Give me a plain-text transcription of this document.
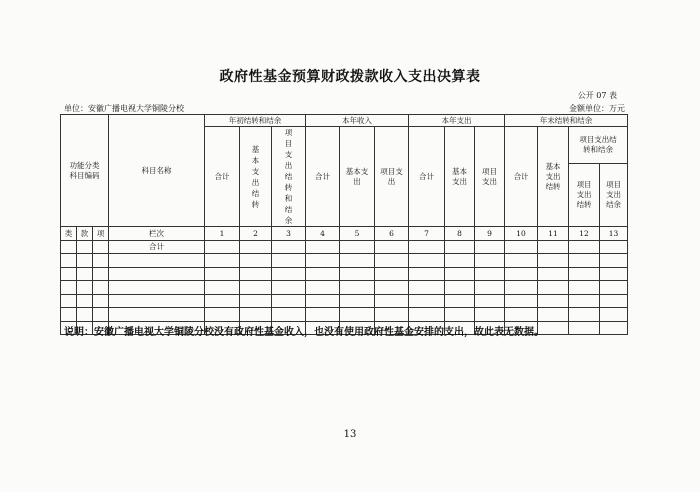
政府性基金预算财政拨款收入支出决算表
公开 07 表
单位：安徽广播电视大学铜陵分校	金额单位：万元
功能分类
科目编码			科目名称	年初结转和结余			本年收入			本年支出			年末结转和结余			
				合计	基本支出结转	项目支出结转和结余	合计	基本支出	项目支出	合计	基本支出	项目支出	合计	基本支出结转	项目支出结转和结余	
															项目支出结转	项目支出结余
类	款	项	栏次	1	2	3	4	5	6	7	8	9	10	11	12	13
			合计													

说明：安徽广播电视大学铜陵分校没有政府性基金收入，也没有使用政府性基金安排的支出，故此表无数据。
13
